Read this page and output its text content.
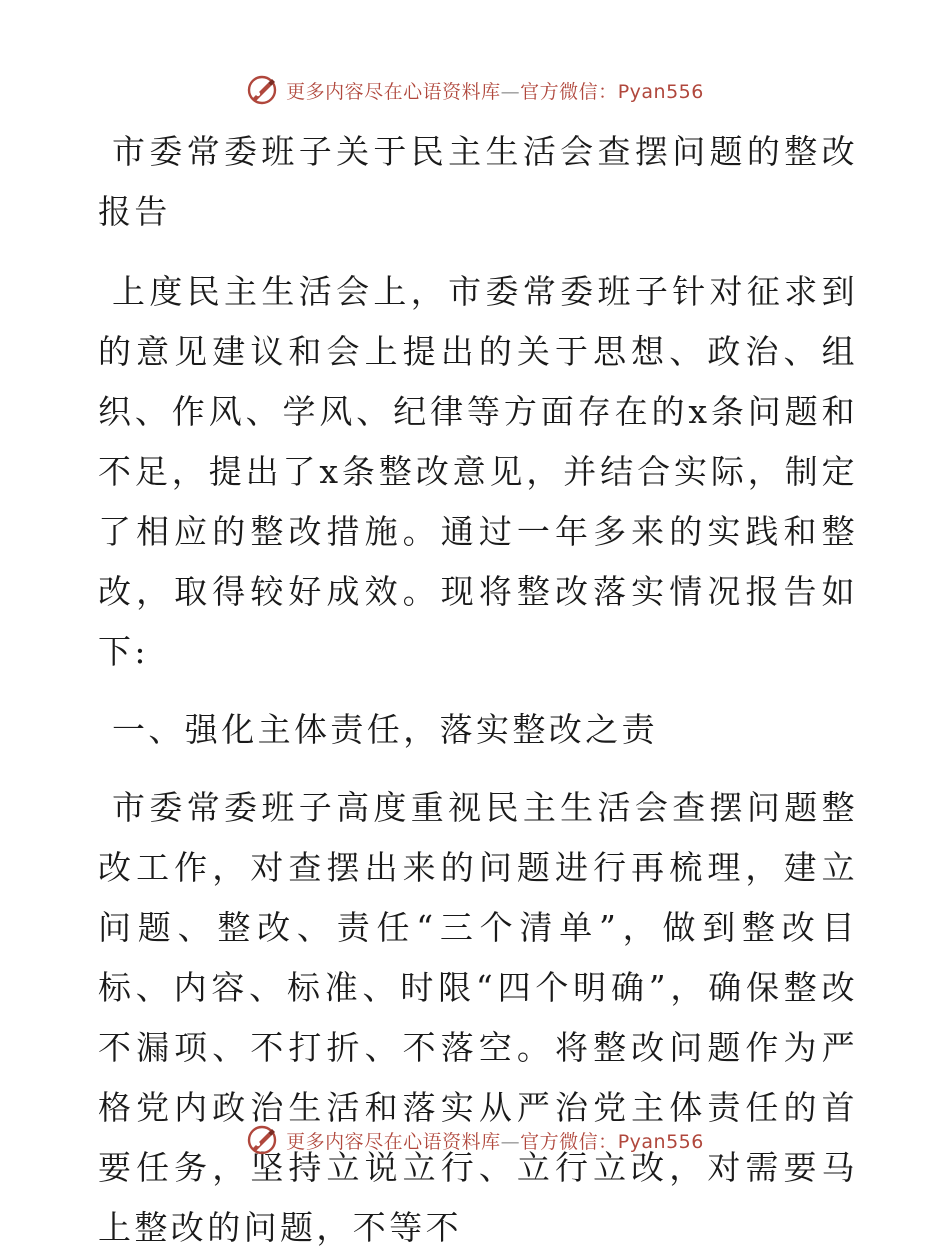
更多内容尽在心语资料库—官方微信：Pyan556

市委常委班子关于民主生活会查摆问题的整改报告

上度民主生活会上，市委常委班子针对征求到的意见建议和会上提出的关于思想、政治、组织、作风、学风、纪律等方面存在的x条问题和不足，提出了x条整改意见，并结合实际，制定了相应的整改措施。通过一年多来的实践和整改，取得较好成效。现将整改落实情况报告如下:

一、强化主体责任，落实整改之责

市委常委班子高度重视民主生活会查摆问题整改工作，对查摆出来的问题进行再梳理，建立问题、整改、责任“三个清单”，做到整改目标、内容、标准、时限“四个明确”，确保整改不漏项、不打折、不落空。将整改问题作为严格党内政治生活和落实从严治党主体责任的首要任务，坚持立说立行、立行立改，对需要马上整改的问题，不等不

更多内容尽在心语资料库—官方微信：Pyan556
